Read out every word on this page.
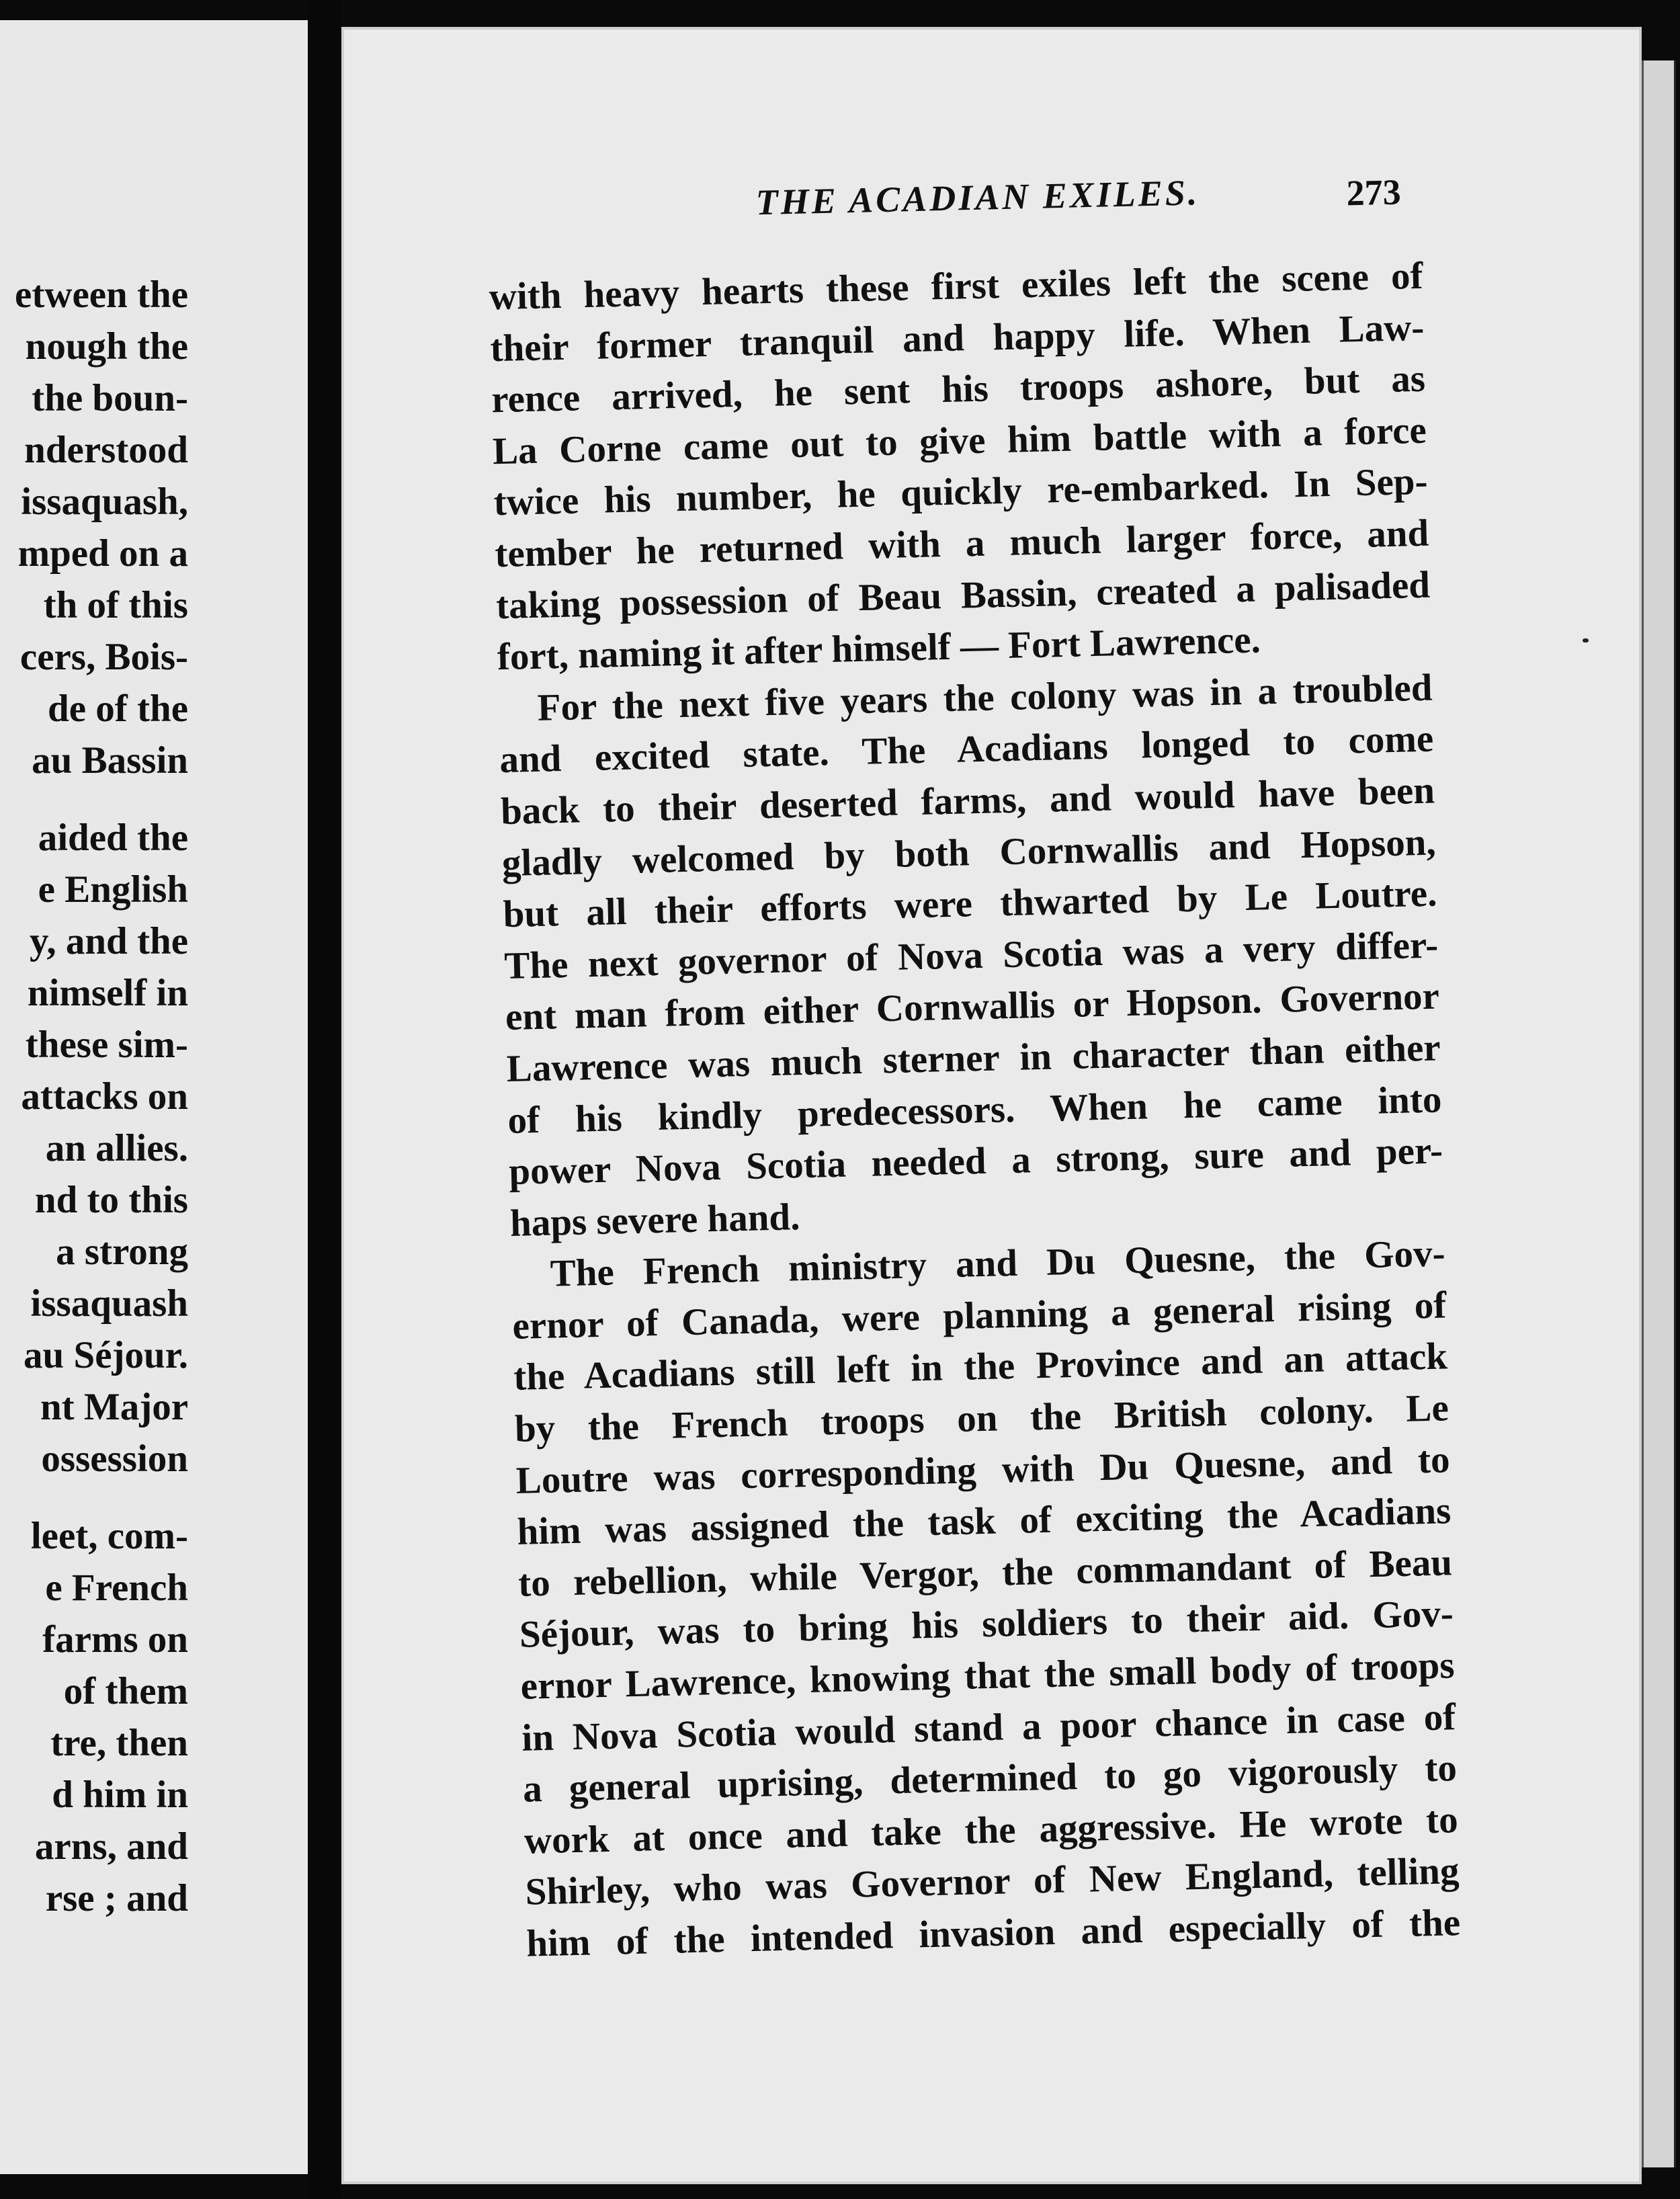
etween the
nough the
the boun-
nderstood
issaquash,
mped on a
th of this
cers, Bois-
de of the
au Bassin
aided the
e English
y, and the
nimself in
these sim-
attacks on
an allies.
nd to this
a strong
issaquash
au Séjour.
nt Major
ossession
leet, com-
e French
farms on
of them
tre, then
d him in
arns, and
rse ; and
THE ACADIAN EXILES.	273
with heavy hearts these first exiles left the scene of
their former tranquil and happy life. When Law-
rence arrived, he sent his troops ashore, but as
La Corne came out to give him battle with a force
twice his number, he quickly re-embarked. In Sep-
tember he returned with a much larger force, and
taking possession of Beau Bassin, created a palisaded
fort, naming it after himself — Fort Lawrence.
For the next five years the colony was in a troubled
and excited state. The Acadians longed to come
back to their deserted farms, and would have been
gladly welcomed by both Cornwallis and Hopson,
but all their efforts were thwarted by Le Loutre.
The next governor of Nova Scotia was a very differ-
ent man from either Cornwallis or Hopson. Governor
Lawrence was much sterner in character than either
of his kindly predecessors. When he came into
power Nova Scotia needed a strong, sure and per-
haps severe hand.
The French ministry and Du Quesne, the Gov-
ernor of Canada, were planning a general rising of
the Acadians still left in the Province and an attack
by the French troops on the British colony. Le
Loutre was corresponding with Du Quesne, and to
him was assigned the task of exciting the Acadians
to rebellion, while Vergor, the commandant of Beau
Séjour, was to bring his soldiers to their aid. Gov-
ernor Lawrence, knowing that the small body of troops
in Nova Scotia would stand a poor chance in case of
a general uprising, determined to go vigorously to
work at once and take the aggressive. He wrote to
Shirley, who was Governor of New England, telling
him of the intended invasion and especially of the
